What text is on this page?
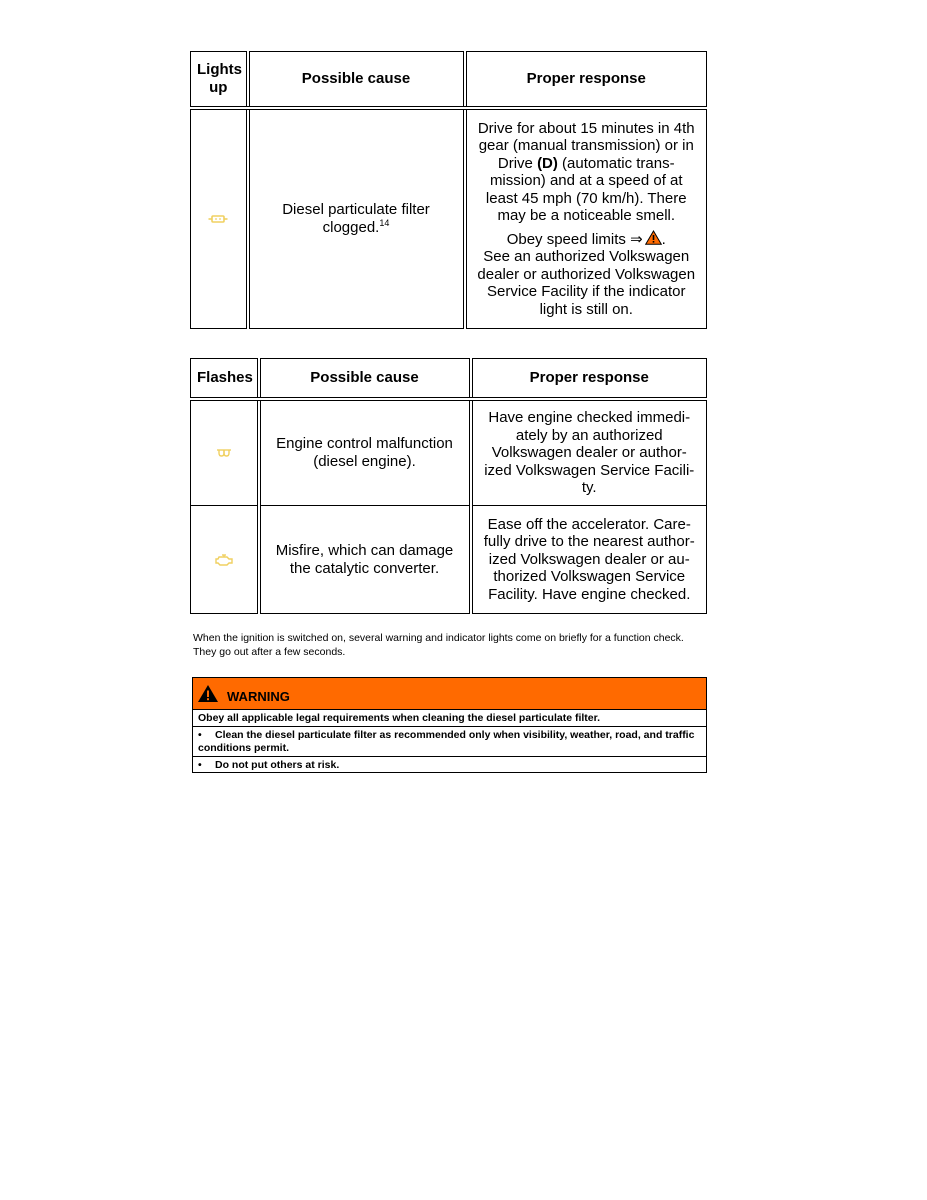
Lights up	Possible cause	Proper response

	Diesel particulate filter clogged.$^{14}$	Drive for about 15 minutes in 4th gear (manual transmission) or in Drive (D) (automatic trans-mission) and at a speed of at least 45 mph (70 km/h). There may be a noticeable smell.

Obey speed limits ⇒ .
See an authorized Volkswagen dealer or authorized Volkswagen Service Facility if the indicator light is still on.

Flashes	Possible cause	Proper response

	Engine control malfunction (diesel engine).	Have engine checked immedi-ately by an authorized Volkswagen dealer or author-ized Volkswagen Service Facili-ty.

	Misfire, which can damage the catalytic converter.	Ease off the accelerator. Care-fully drive to the nearest author-ized Volkswagen dealer or au-thorized Volkswagen Service Facility. Have engine checked.
When the ignition is switched on, several warning and indicator lights come on briefly for a function check. They go out after a few seconds.
WARNING
Obey all applicable legal requirements when cleaning the diesel particulate filter.
• Clean the diesel particulate filter as recommended only when visibility, weather, road, and traffic conditions permit.
• Do not put others at risk.
